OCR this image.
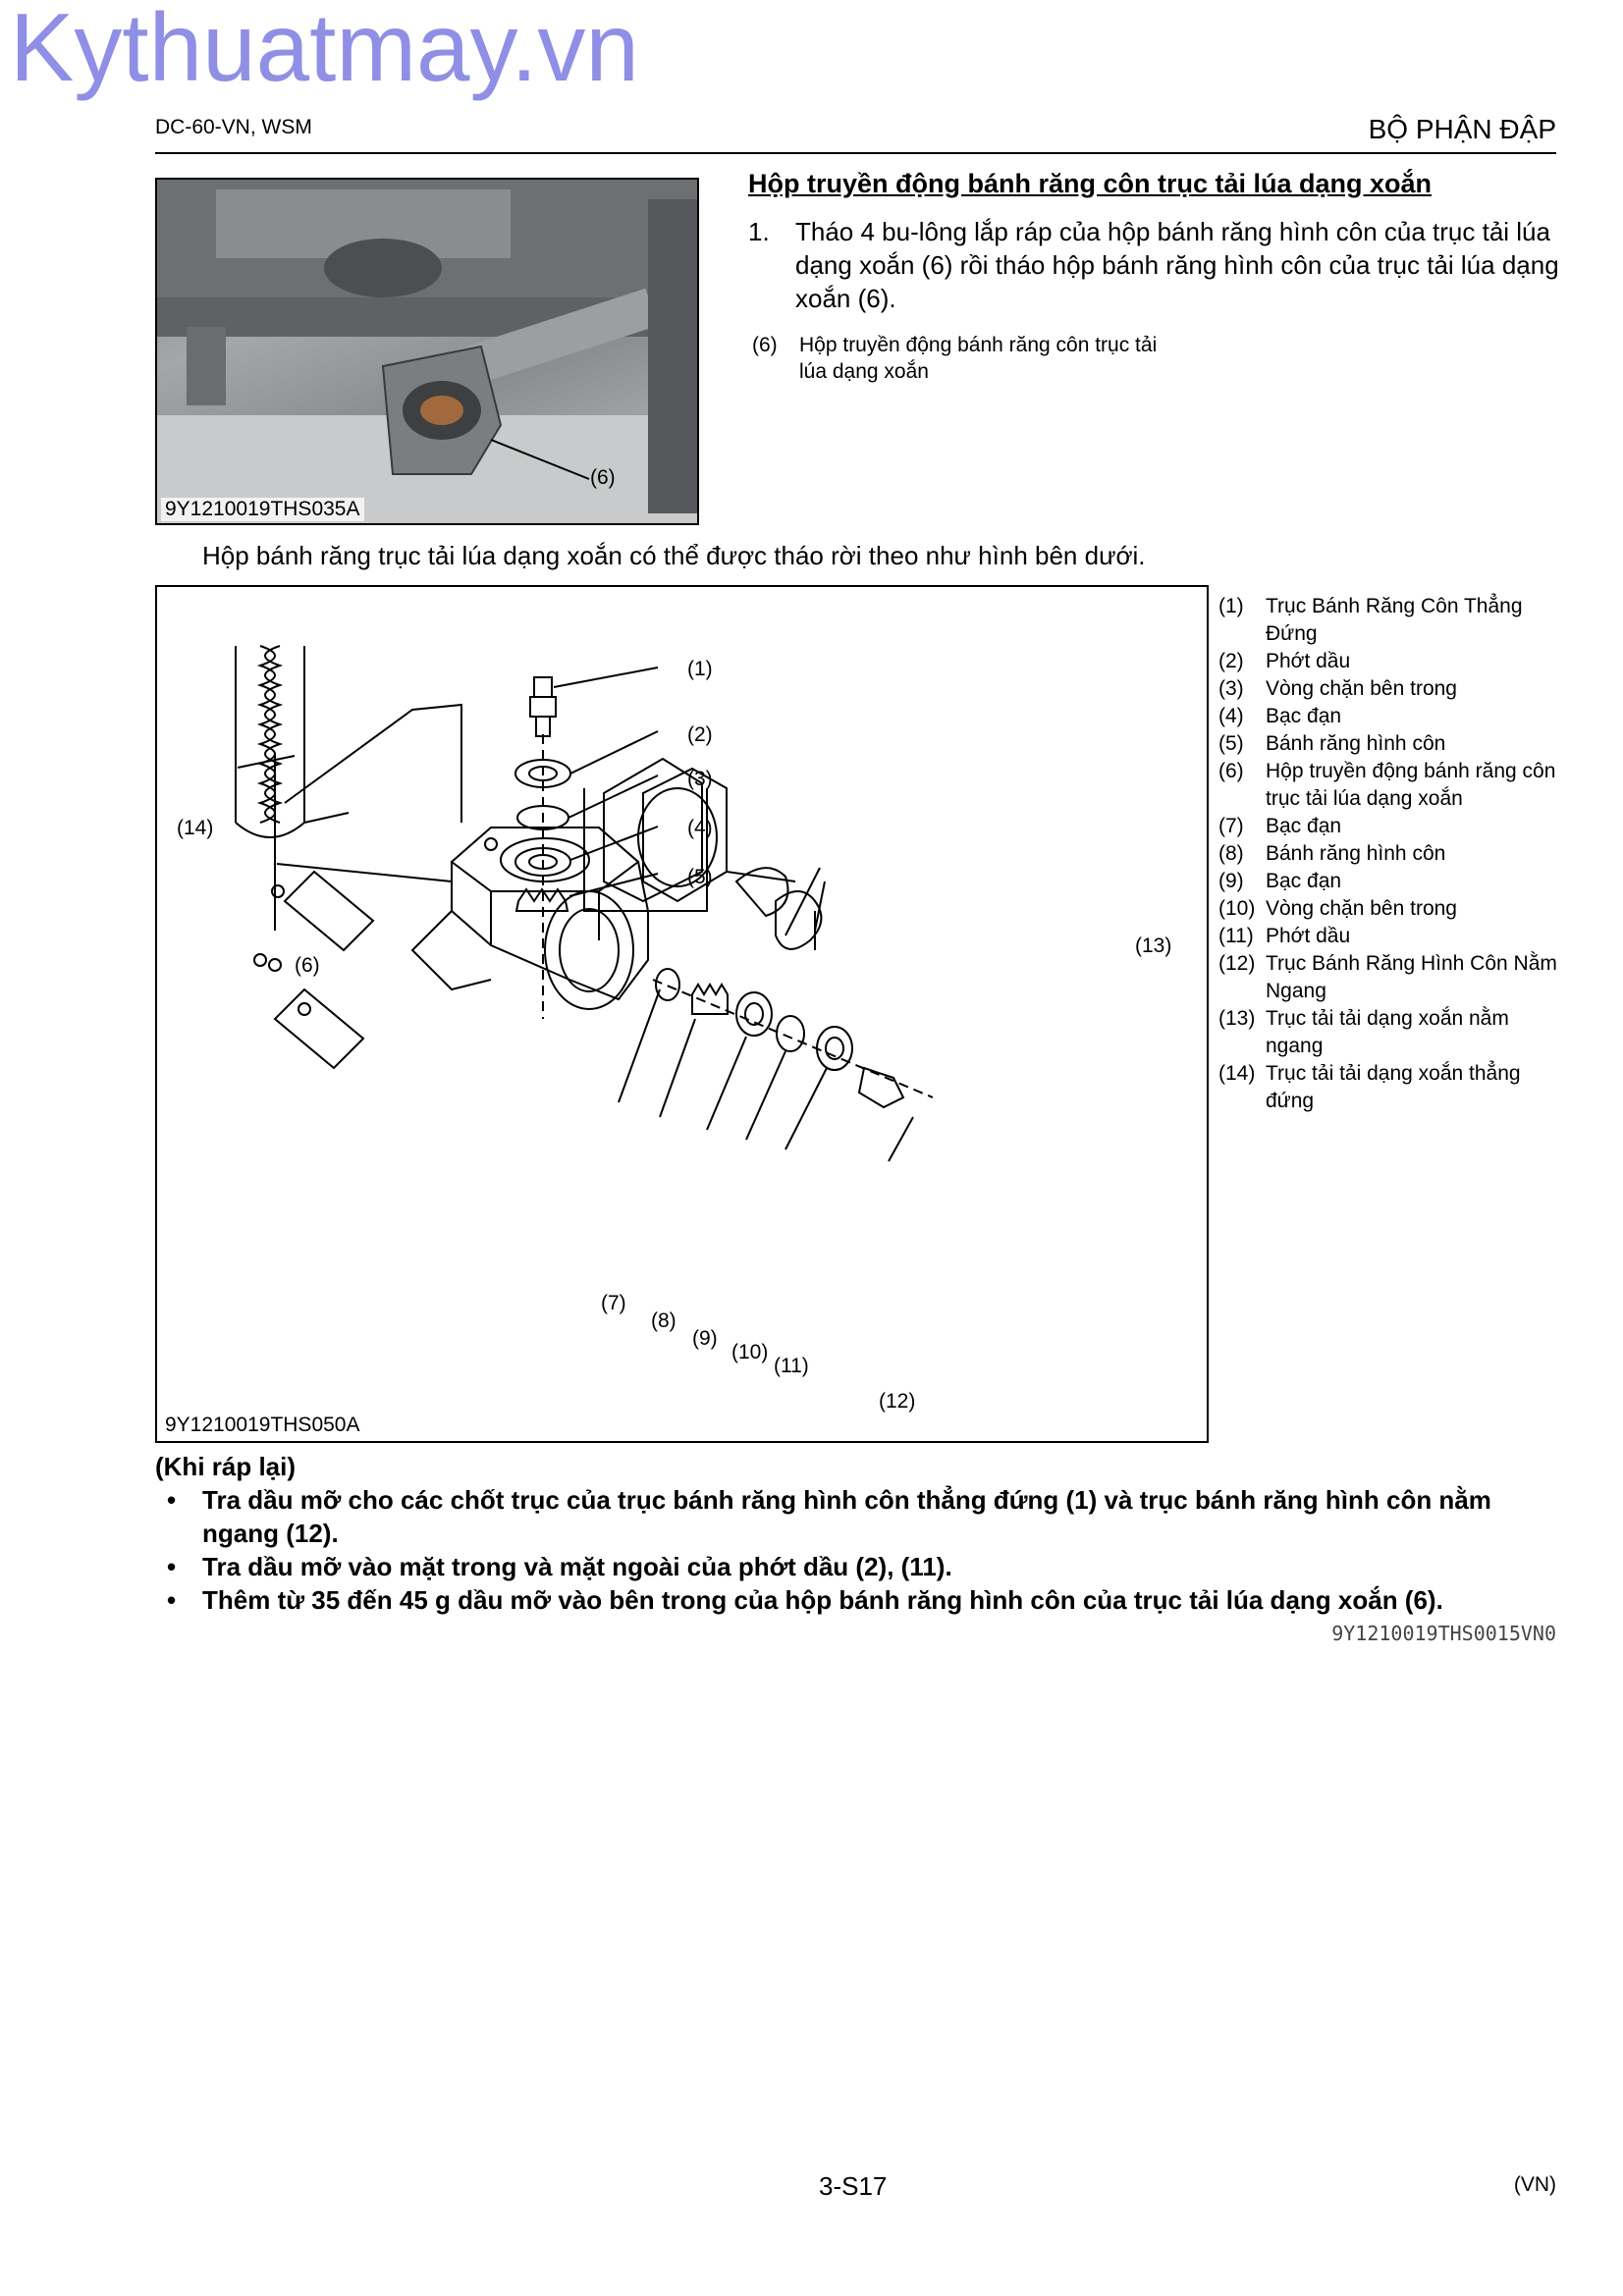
Kythuatmay.vn
DC-60-VN, WSM	BỘ PHẬN ĐẬP
(6)
9Y1210019THS035A
Hộp truyền động bánh răng côn trục tải lúa dạng xoắn
1. Tháo 4 bu-lông lắp ráp của hộp bánh răng hình côn của trục tải lúa dạng xoắn (6) rồi tháo hộp bánh răng hình côn của trục tải lúa dạng xoắn (6).
(6) Hộp truyền động bánh răng côn trục tải lúa dạng xoắn
Hộp bánh răng trục tải lúa dạng xoắn có thể được tháo rời theo như hình bên dưới.
(1)
(2)
(3)
(4)
(5)
(6)
(7)
(8)
(9)
(10)
(11)
(12)
(13)
(14)
9Y1210019THS050A
(1) Trục Bánh Răng Côn Thẳng Đứng
(2) Phớt dầu
(3) Vòng chặn bên trong
(4) Bạc đạn
(5) Bánh răng hình côn
(6) Hộp truyền động bánh răng côn trục tải lúa dạng xoắn
(7) Bạc đạn
(8) Bánh răng hình côn
(9) Bạc đạn
(10) Vòng chặn bên trong
(11) Phớt dầu
(12) Trục Bánh Răng Hình Côn Nằm Ngang
(13) Trục tải tải dạng xoắn nằm ngang
(14) Trục tải tải dạng xoắn thẳng đứng
(Khi ráp lại)

• Tra dầu mỡ cho các chốt trục của trục bánh răng hình côn thẳng đứng (1) và trục bánh răng hình côn nằm ngang (12).

• Tra dầu mỡ vào mặt trong và mặt ngoài của phớt dầu (2), (11).

• Thêm từ 35 đến 45 g dầu mỡ vào bên trong của hộp bánh răng hình côn của trục tải lúa dạng xoắn (6).

9Y1210019THS0015VN0
3-S17	(VN)
